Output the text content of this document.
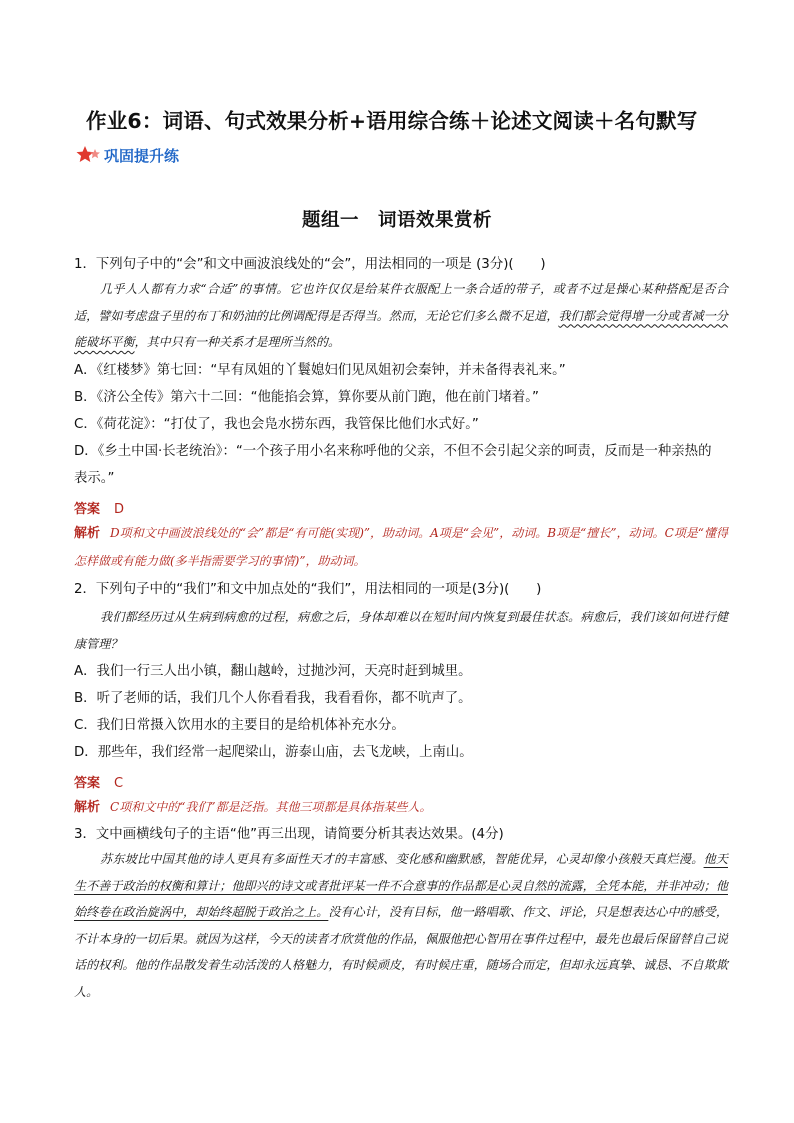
作业6：词语、句式效果分析+语用综合练＋论述文阅读＋名句默写
巩固提升练
题组一　词语效果赏析
1．下列句子中的“会”和文中画波浪线处的“会”，用法相同的一项是 (3分)(　　)
几乎人人都有力求“合适”的事情。它也许仅仅是给某件衣服配上一条合适的带子，或者不过是操心某种搭配是否合适，譬如考虑盘子里的布丁和奶油的比例调配得是否得当。然而，无论它们多么微不足道，我们都会觉得增一分或者减一分能破坏平衡，其中只有一种关系才是理所当然的。
A．《红楼梦》第七回：“早有凤姐的丫鬟媳妇们见凤姐初会秦钟，并未备得表礼来。”
B．《济公全传》第六十二回：“他能掐会算，算你要从前门跑，他在前门堵着。”
C．《荷花淀》：“打仗了，我也会凫水捞东西，我管保比他们水式好。”
D．《乡土中国·长老统治》：“一个孩子用小名来称呼他的父亲，不但不会引起父亲的呵责，反而是一种亲热的表示。”
答案 D
解析 D项和文中画波浪线处的“会”都是“有可能(实现)”，助动词。A项是“会见”，动词。B项是“擅长”，动词。C项是“懂得怎样做或有能力做(多半指需要学习的事情)”，助动词。
2．下列句子中的“我们”和文中加点处的“我们”，用法相同的一项是(3分)(　　)
我们都经历过从生病到病愈的过程，病愈之后，身体却难以在短时间内恢复到最佳状态。病愈后，我们该如何进行健康管理？
A．我们一行三人出小镇，翻山越岭，过抛沙河，天亮时赶到城里。
B．听了老师的话，我们几个人你看看我，我看看你，都不吭声了。
C．我们日常摄入饮用水的主要目的是给机体补充水分。
D．那些年，我们经常一起爬梁山，游泰山庙，去飞龙峡，上南山。
答案 C
解析 C项和文中的“我们”都是泛指。其他三项都是具体指某些人。
3．文中画横线句子的主语“他”再三出现，请简要分析其表达效果。(4分)
苏东坡比中国其他的诗人更具有多面性天才的丰富感、变化感和幽默感，智能优异，心灵却像小孩般天真烂漫。他天生不善于政治的权衡和算计；他即兴的诗文或者批评某一件不合意事的作品都是心灵自然的流露，全凭本能，并非冲动；他始终卷在政治旋涡中，却始终超脱于政治之上。没有心计，没有目标，他一路唱歌、作文、评论，只是想表达心中的感受，不计本身的一切后果。就因为这样，今天的读者才欣赏他的作品，佩服他把心智用在事件过程中，最先也最后保留替自己说话的权利。他的作品散发着生动活泼的人格魅力，有时候顽皮，有时候庄重，随场合而定，但却永远真挚、诚恳、不自欺欺人。
